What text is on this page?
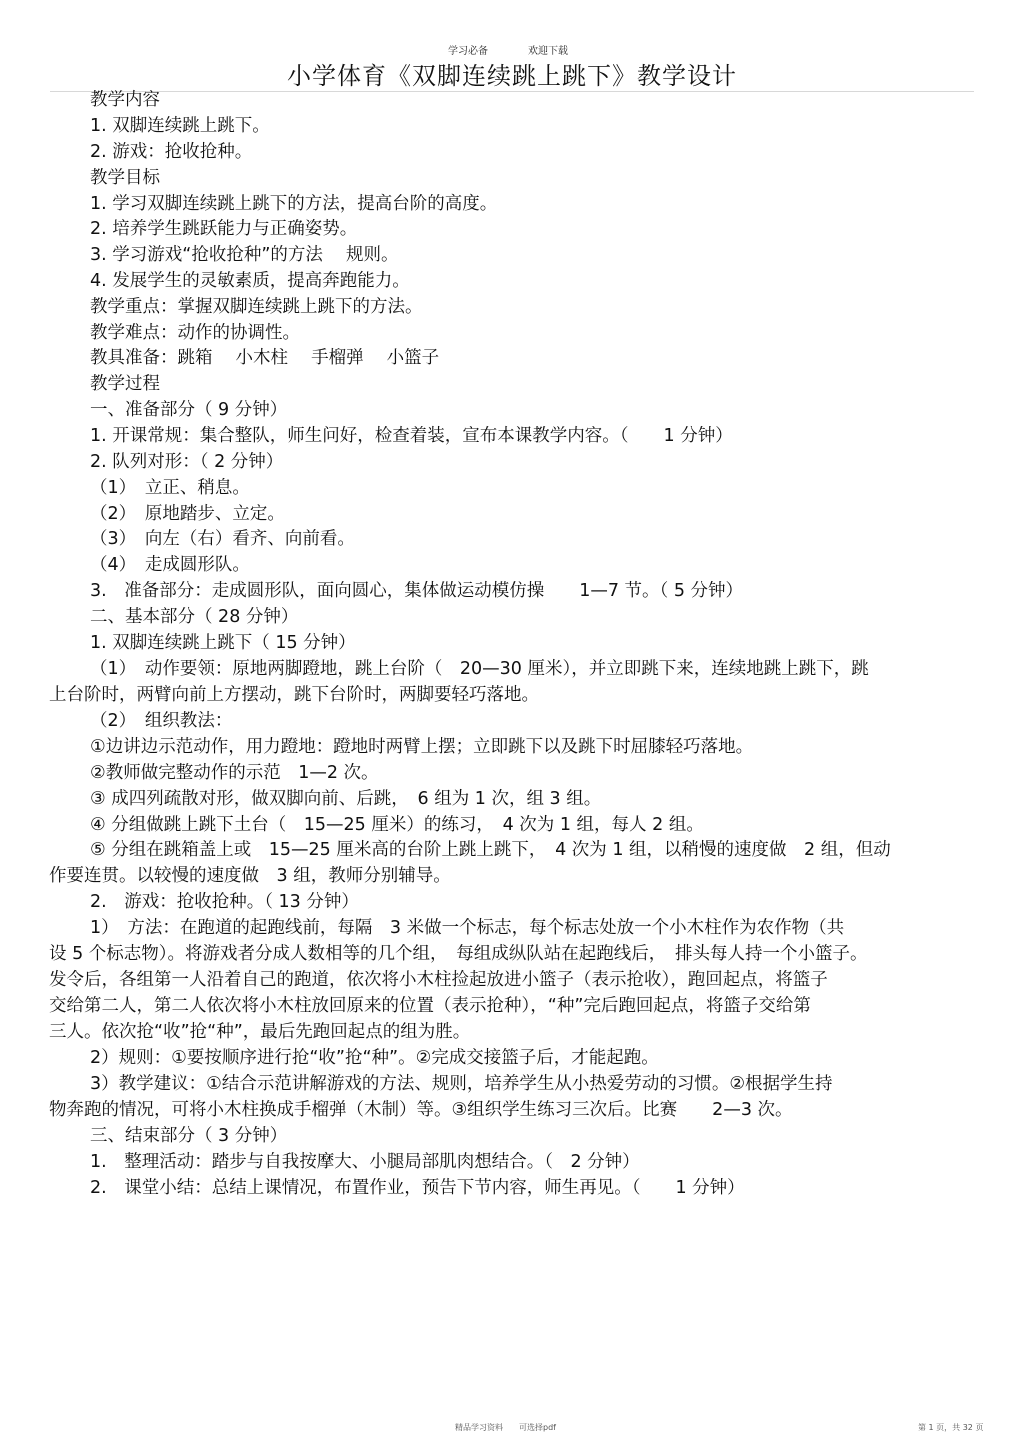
学习必备	欢迎下载
小学体育《双脚连续跳上跳下》教学设计
教学内容
1. 双脚连续跳上跳下。
2. 游戏：抢收抢种。
教学目标
1. 学习双脚连续跳上跳下的方法，提高台阶的高度。
2. 培养学生跳跃能力与正确姿势。
3. 学习游戏“抢收抢种”的方法　 规则。
4. 发展学生的灵敏素质，提高奔跑能力。
教学重点：掌握双脚连续跳上跳下的方法。
教学难点：动作的协调性。
教具准备：跳箱　 小木柱　 手榴弹　 小篮子
教学过程
一、准备部分（ 9 分钟）
1. 开课常规：集合整队，师生问好，检查着装，宣布本课教学内容。（　　1 分钟）
2. 队列对形：（ 2 分钟）
（1）　立正、稍息。
（2）　原地踏步、立定。
（3）　向左（右）看齐、向前看。
（4）　走成圆形队。
3.　准备部分：走成圆形队，面向圆心，集体做运动模仿操　　1—7 节。（ 5 分钟）
二、基本部分（ 28 分钟）
1. 双脚连续跳上跳下（ 15 分钟）
（1）　动作要领：原地两脚蹬地，跳上台阶（　20—30 厘米），并立即跳下来，连续地跳上跳下，跳
上台阶时，两臂向前上方摆动，跳下台阶时，两脚要轻巧落地。
（2）　组织教法：
①边讲边示范动作，用力蹬地：蹬地时两臂上摆；立即跳下以及跳下时屈膝轻巧落地。
②教师做完整动作的示范　1—2 次。
③ 成四列疏散对形，做双脚向前、后跳，　6 组为 1 次，组 3 组。
④ 分组做跳上跳下土台（　15—25 厘米）的练习，　4 次为 1 组，每人 2 组。
⑤ 分组在跳箱盖上或　15—25 厘米高的台阶上跳上跳下，　4 次为 1 组，以稍慢的速度做　2 组，但动
作要连贯。以较慢的速度做　3 组，教师分别辅导。
2.　游戏：抢收抢种。（ 13 分钟）
1）　方法：在跑道的起跑线前，每隔　3 米做一个标志，每个标志处放一个小木柱作为农作物（共
设 5 个标志物）。将游戏者分成人数相等的几个组，　每组成纵队站在起跑线后，　排头每人持一个小篮子。
发令后，各组第一人沿着自己的跑道，依次将小木柱捡起放进小篮子（表示抢收），跑回起点，将篮子
交给第二人，第二人依次将小木柱放回原来的位置（表示抢种），“种”完后跑回起点，将篮子交给第
三人。依次抢“收”抢“种”，最后先跑回起点的组为胜。
2）规则：①要按顺序进行抢“收”抢“种”。②完成交接篮子后，才能起跑。
3）教学建议：①结合示范讲解游戏的方法、规则，培养学生从小热爱劳动的习惯。②根据学生持
物奔跑的情况，可将小木柱换成手榴弹（木制）等。③组织学生练习三次后。比赛　　2—3 次。
三、结束部分（ 3 分钟）
1.　整理活动：踏步与自我按摩大、小腿局部肌肉想结合。（　2 分钟）
2.　课堂小结：总结上课情况，布置作业，预告下节内容，师生再见。（　　1 分钟）
精品学习资料　　可选择pdf	第 1 页，共 32 页
